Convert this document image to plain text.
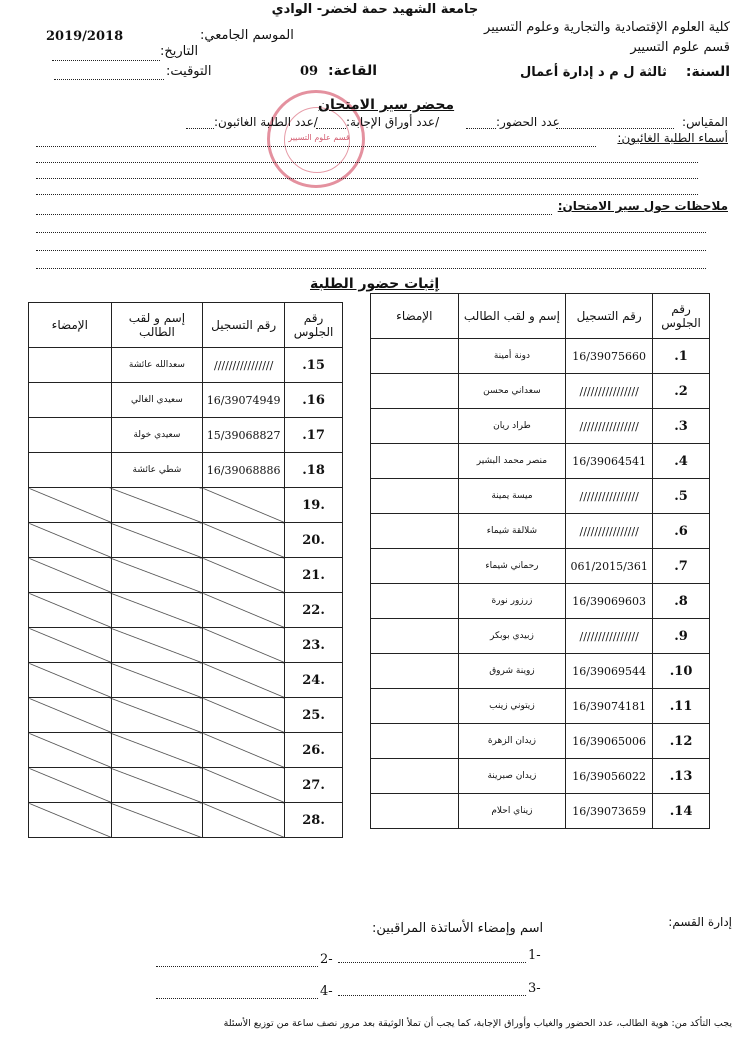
جامعة الشهيد حمة لخضر- الوادي
كلية العلوم الإقتصادية والتجارية وعلوم التسيير
قسم علوم التسيير
الموسم الجامعي:
2019/2018
التاريخ:
التوقيت:	السنة:
ثالثة ل م د إدارة أعمال
القاعة:
09
قسم علوم التسيير
محضر سير الامتحان
المقياس:
عدد الحضور:
/عدد أوراق الإجابة:
/عدد الطلبة الغائبون:
أسماء الطلبة الغائبون:
ملاحظات حول سير الامتحان:
إثبات حضور الطلبة
رقم الجلوس	رقم التسجيل	إسم و لقب الطالب	الإمضاء
1.	16/39075660	دونة أمينة	
2.	////////////////	سعداني محسن	
3.	////////////////	طراد ريان	
4.	16/39064541	منصر محمد البشير	
5.	////////////////	ميسة يمينة	
6.	////////////////	شلالقة شيماء	
7.	061/2015/361	رحماني شيماء	
8.	16/39069603	زرزور نورة	
9.	////////////////	زبيدي بوبكر	
10.	16/39069544	زوينة شروق	
11.	16/39074181	زيتوني زينب	
12.	16/39065006	زيدان الزهرة	
13.	16/39056022	زيدان صبرينة	
14.	16/39073659	زيناي احلام	
رقم الجلوس	رقم التسجيل	إسم و لقب الطالب	الإمضاء
15.	////////////////	سعدالله عائشة	
16.	16/39074949	سعيدي الغالي	
17.	15/39068827	سعيدي خولة	
18.	16/39068886	شطي عائشة	
.19			
.20			
.21			
.22			
.23			
.24			
.25			
.26			
.27			
.28			
إدارة القسم:
اسم وإمضاء الأساتذة المراقبين:
1-
2-
3-
4-
يجب التأكد من: هوية الطالب، عدد الحضور والغياب وأوراق الإجابة، كما يجب أن تملأ الوثيقة بعد مرور نصف ساعة من توزيع الأسئلة
